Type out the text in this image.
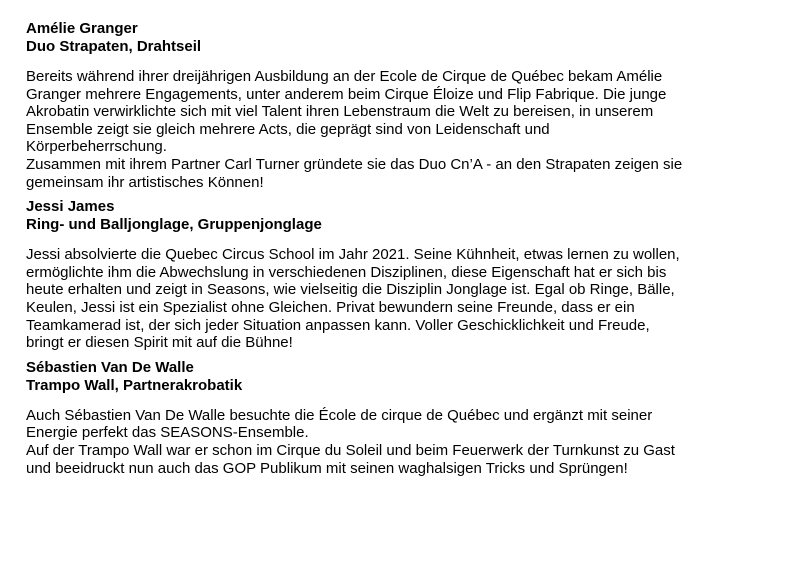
Amélie Granger
Duo Strapaten, Drahtseil

Bereits während ihrer dreijährigen Ausbildung an der Ecole de Cirque de Québec bekam Amélie
Granger mehrere Engagements, unter anderem beim Cirque Éloize und Flip Fabrique. Die junge
Akrobatin verwirklichte sich mit viel Talent ihren Lebenstraum die Welt zu bereisen, in unserem
Ensemble zeigt sie gleich mehrere Acts, die geprägt sind von Leidenschaft und
Körperbeherrschung.

Zusammen mit ihrem Partner Carl Turner gründete sie das Duo Cn’A - an den Strapaten zeigen sie
gemeinsam ihr artistisches Können!

Jessi James
Ring- und Balljonglage, Gruppenjonglage

Jessi absolvierte die Quebec Circus School im Jahr 2021. Seine Kühnheit, etwas lernen zu wollen,
ermöglichte ihm die Abwechslung in verschiedenen Disziplinen, diese Eigenschaft hat er sich bis
heute erhalten und zeigt in Seasons, wie vielseitig die Disziplin Jonglage ist. Egal ob Ringe, Bälle,
Keulen, Jessi ist ein Spezialist ohne Gleichen. Privat bewundern seine Freunde, dass er ein
Teamkamerad ist, der sich jeder Situation anpassen kann. Voller Geschicklichkeit und Freude,
bringt er diesen Spirit mit auf die Bühne!

Sébastien Van De Walle
Trampo Wall, Partnerakrobatik

Auch Sébastien Van De Walle besuchte die École de cirque de Québec und ergänzt mit seiner
Energie perfekt das SEASONS-Ensemble.

Auf der Trampo Wall war er schon im Cirque du Soleil und beim Feuerwerk der Turnkunst zu Gast
und beeidruckt nun auch das GOP Publikum mit seinen waghalsigen Tricks und Sprüngen!
